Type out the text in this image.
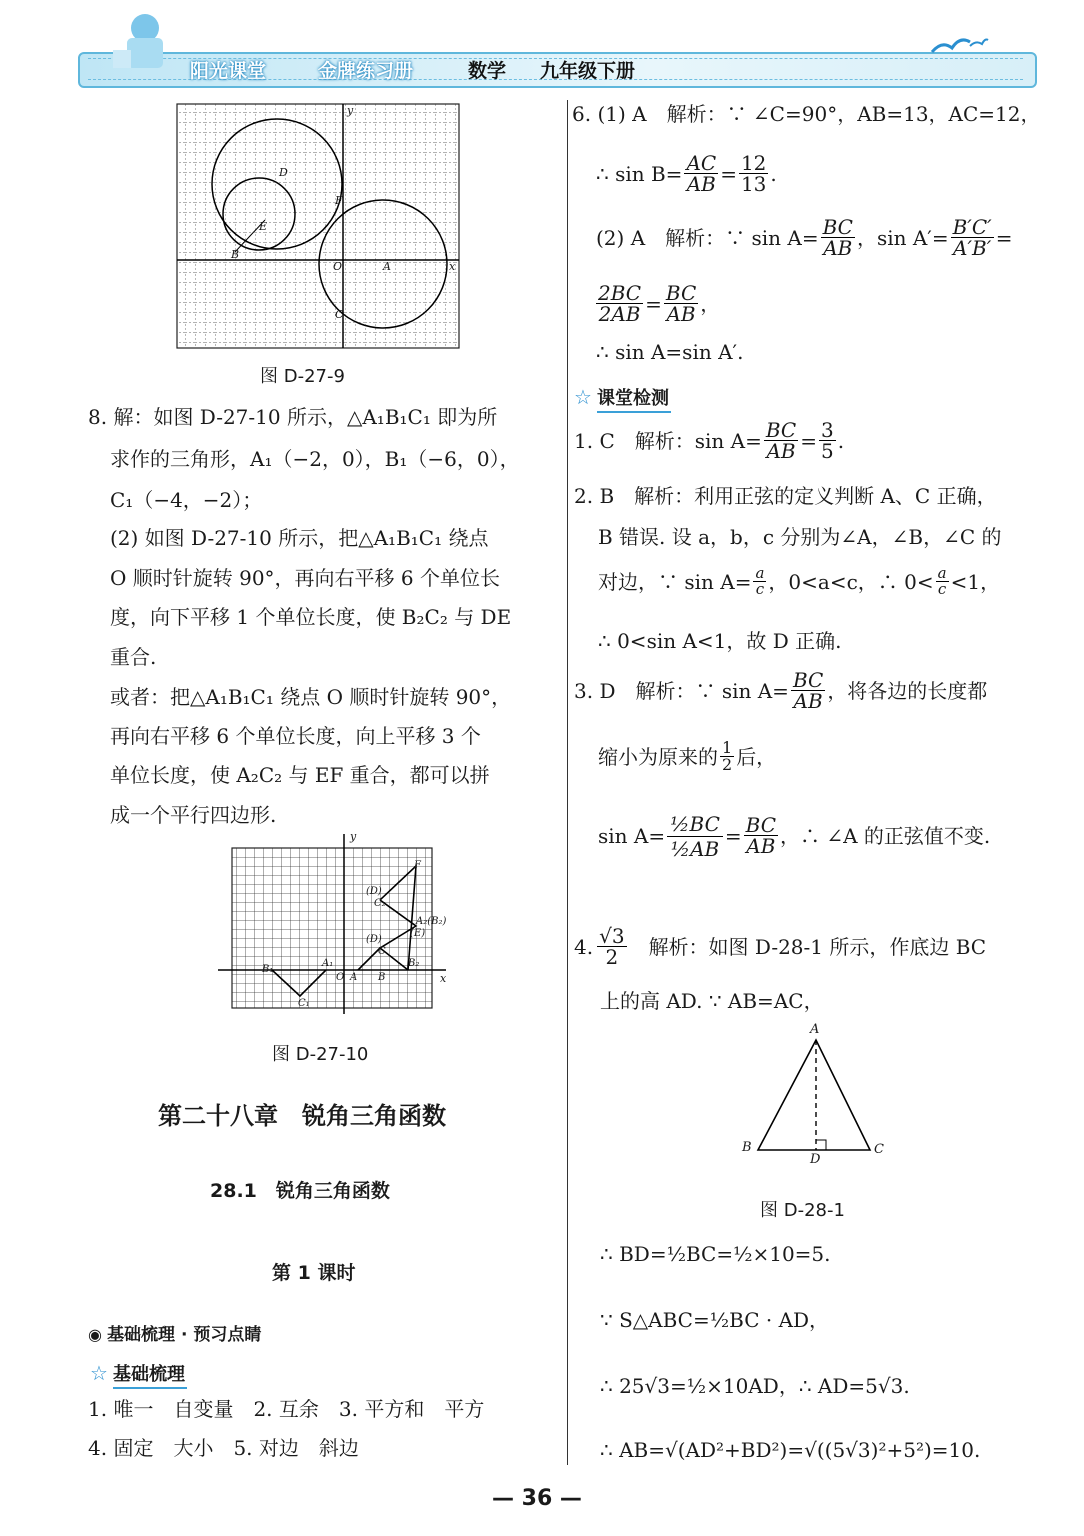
阳光课堂	金牌练习册	数学 九年级下册
y
D
E
F
B
O	A
C
x
图 D-27-9
8. 解：如图 D-27-10 所示，△A₁B₁C₁ 即为所
求作的三角形，A₁（−2，0），B₁（−6，0），
C₁（−4，−2）；
(2) 如图 D-27-10 所示，把△A₁B₁C₁ 绕点
O 顺时针旋转 90°，再向右平移 6 个单位长
度，向下平移 1 个单位长度，使 B₂C₂ 与 DE
重合.
或者：把△A₁B₁C₁ 绕点 O 顺时针旋转 90°，
再向右平移 6 个单位长度，向上平移 3 个
单位长度，使 A₂C₂ 与 EF 重合，都可以拼
成一个平行四边形.
y
x
F
(D)
C₂
A₂(B₂)
(E)
(D)
C
B₁
A₁
O A B
C₁
B₂
图 D-27-10
第二十八章　锐角三角函数
28.1　锐角三角函数
第 1 课时
◉ 基础梳理 · 预习点睛
☆ 基础梳理
1. 唯一　自变量　2. 互余　3. 平方和　平方
4. 固定　大小　5. 对边　斜边
6. (1) A　解析：∵ ∠C=90°，AB=13，AC=12，
∴ $\sin B= \frac{AC}{AB} = \frac{12}{13}$ .
(2) A　解析：∵ $\sin A= \frac{BC}{AB}$ ，$\sin A'= \frac{B'C'}{A'B'}$ =
$\frac{2BC}{2AB} = \frac{BC}{AB}$ ，
∴ sin A=sin A′.
☆ 课堂检测
1. C　解析：$\sin A= \frac{BC}{AB} = \frac{3}{5}$ .
2. B　解析：利用正弦的定义判断 A、C 正确，
B 错误. 设 a，b，c 分别为∠A，∠B，∠C 的
对边，∵ $\sin A= \frac{a}{c}$ ，0<a<c，∴ $0< \frac{a}{c} <1$，
∴ 0<sin A<1，故 D 正确.
3. D　解析：∵ $\sin A= \frac{BC}{AB}$ ，将各边的长度都
缩小为原来的 $\frac{1}{2}$ 后，
$\sin A= \frac{\text{½BC}}{\text{½AB}} = \frac{BC}{AB}$ ，∴ ∠A 的正弦值不变.
4. $\frac{√3}{2}$ 解析：如图 D-28-1 所示，作底边 BC
上的高 AD. ∵ AB=AC，
A
B	C
D
图 D-28-1
∴ BD=½BC=½×10=5.
∵ S△ABC=½BC · AD，
∴ 25√3=½×10AD，∴ AD=5√3.
∴ AB=√(AD²+BD²)=√((5√3)²+5²)=10.
— 36 —
